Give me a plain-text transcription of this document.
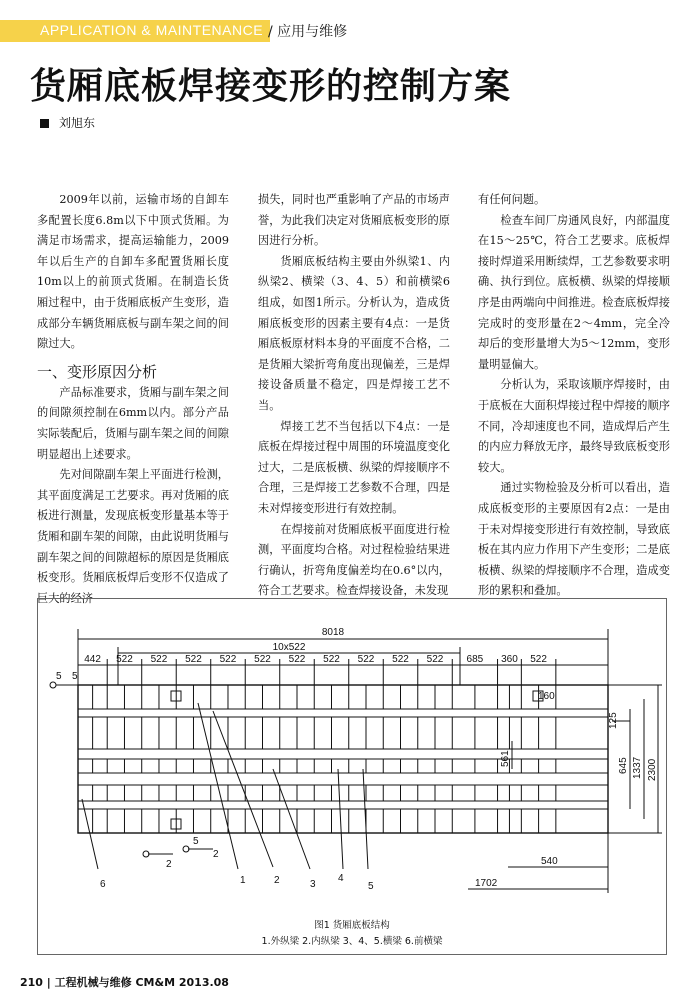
APPLICATION & MAINTENANCE / 应用与维修
货厢底板焊接变形的控制方案
刘旭东

2009年以前，运输市场的自卸车多配置长度6.8m以下中顶式货厢。为满足市场需求，提高运输能力，2009年以后生产的自卸车多配置货厢长度10m以上的前顶式货厢。在制造长货厢过程中，由于货厢底板产生变形，造成部分车辆货厢底板与副车架之间的间隙过大。

一、变形原因分析

产品标准要求，货厢与副车架之间的间隙须控制在6mm以内。部分产品实际装配后，货厢与副车架之间的间隙明显超出上述要求。

先对间隙副车架上平面进行检测，其平面度满足工艺要求。再对货厢的底板进行测量，发现底板变形量基本等于货厢和副车架的间隙，由此说明货厢与副车架之间的间隙超标的原因是货厢底板变形。货厢底板焊后变形不仅造成了巨大的经济

损失，同时也严重影响了产品的市场声誉，为此我们决定对货厢底板变形的原因进行分析。

货厢底板结构主要由外纵梁1、内纵梁2、横梁（3、4、5）和前横梁6组成，如图1所示。分析认为，造成货厢底板变形的因素主要有4点：一是货厢底板原材料本身的平面度不合格，二是货厢大梁折弯角度出现偏差，三是焊接设备质量不稳定，四是焊接工艺不当。

焊接工艺不当包括以下4点：一是底板在焊接过程中周围的环境温度变化过大，二是底板横、纵梁的焊接顺序不合理，三是焊接工艺参数不合理，四是未对焊接变形进行有效控制。

在焊接前对货厢底板平面度进行检测，平面度均合格。对过程检验结果进行确认，折弯角度偏差均在0.6°以内，符合工艺要求。检查焊接设备，未发现

有任何问题。

检查车间厂房通风良好，内部温度在15～25℃，符合工艺要求。底板焊接时焊道采用断续焊，工艺参数要求明确、执行到位。底板横、纵梁的焊接顺序是由两端向中间推进。检查底板焊接完成时的变形量在2～4mm，完全冷却后的变形量增大为5～12mm，变形量明显偏大。

分析认为，采取该顺序焊接时，由于底板在大面积焊接过程中焊接的顺序不同，冷却速度也不同，造成焊后产生的内应力释放无序，最终导致底板变形较大。

通过实物检验及分析可以看出，造成底板变形的主要原因有2点：一是由于未对焊接变形进行有效控制，导致底板在其内应力作用下产生变形；二是底板横、纵梁的焊接顺序不合理，造成变形的累积和叠加。

8018
10x522
442 522 522 522 522 522 522 522 522 522 522 685 360 522
160
125
561	645 1337 2300
540
1702
5 5
2
5
2
6	1	2	3
4
5
图1 货厢底板结构
1.外纵梁 2.内纵梁 3、4、5.横梁 6.前横梁
210 | 工程机械与维修 CM&M 2013.08
